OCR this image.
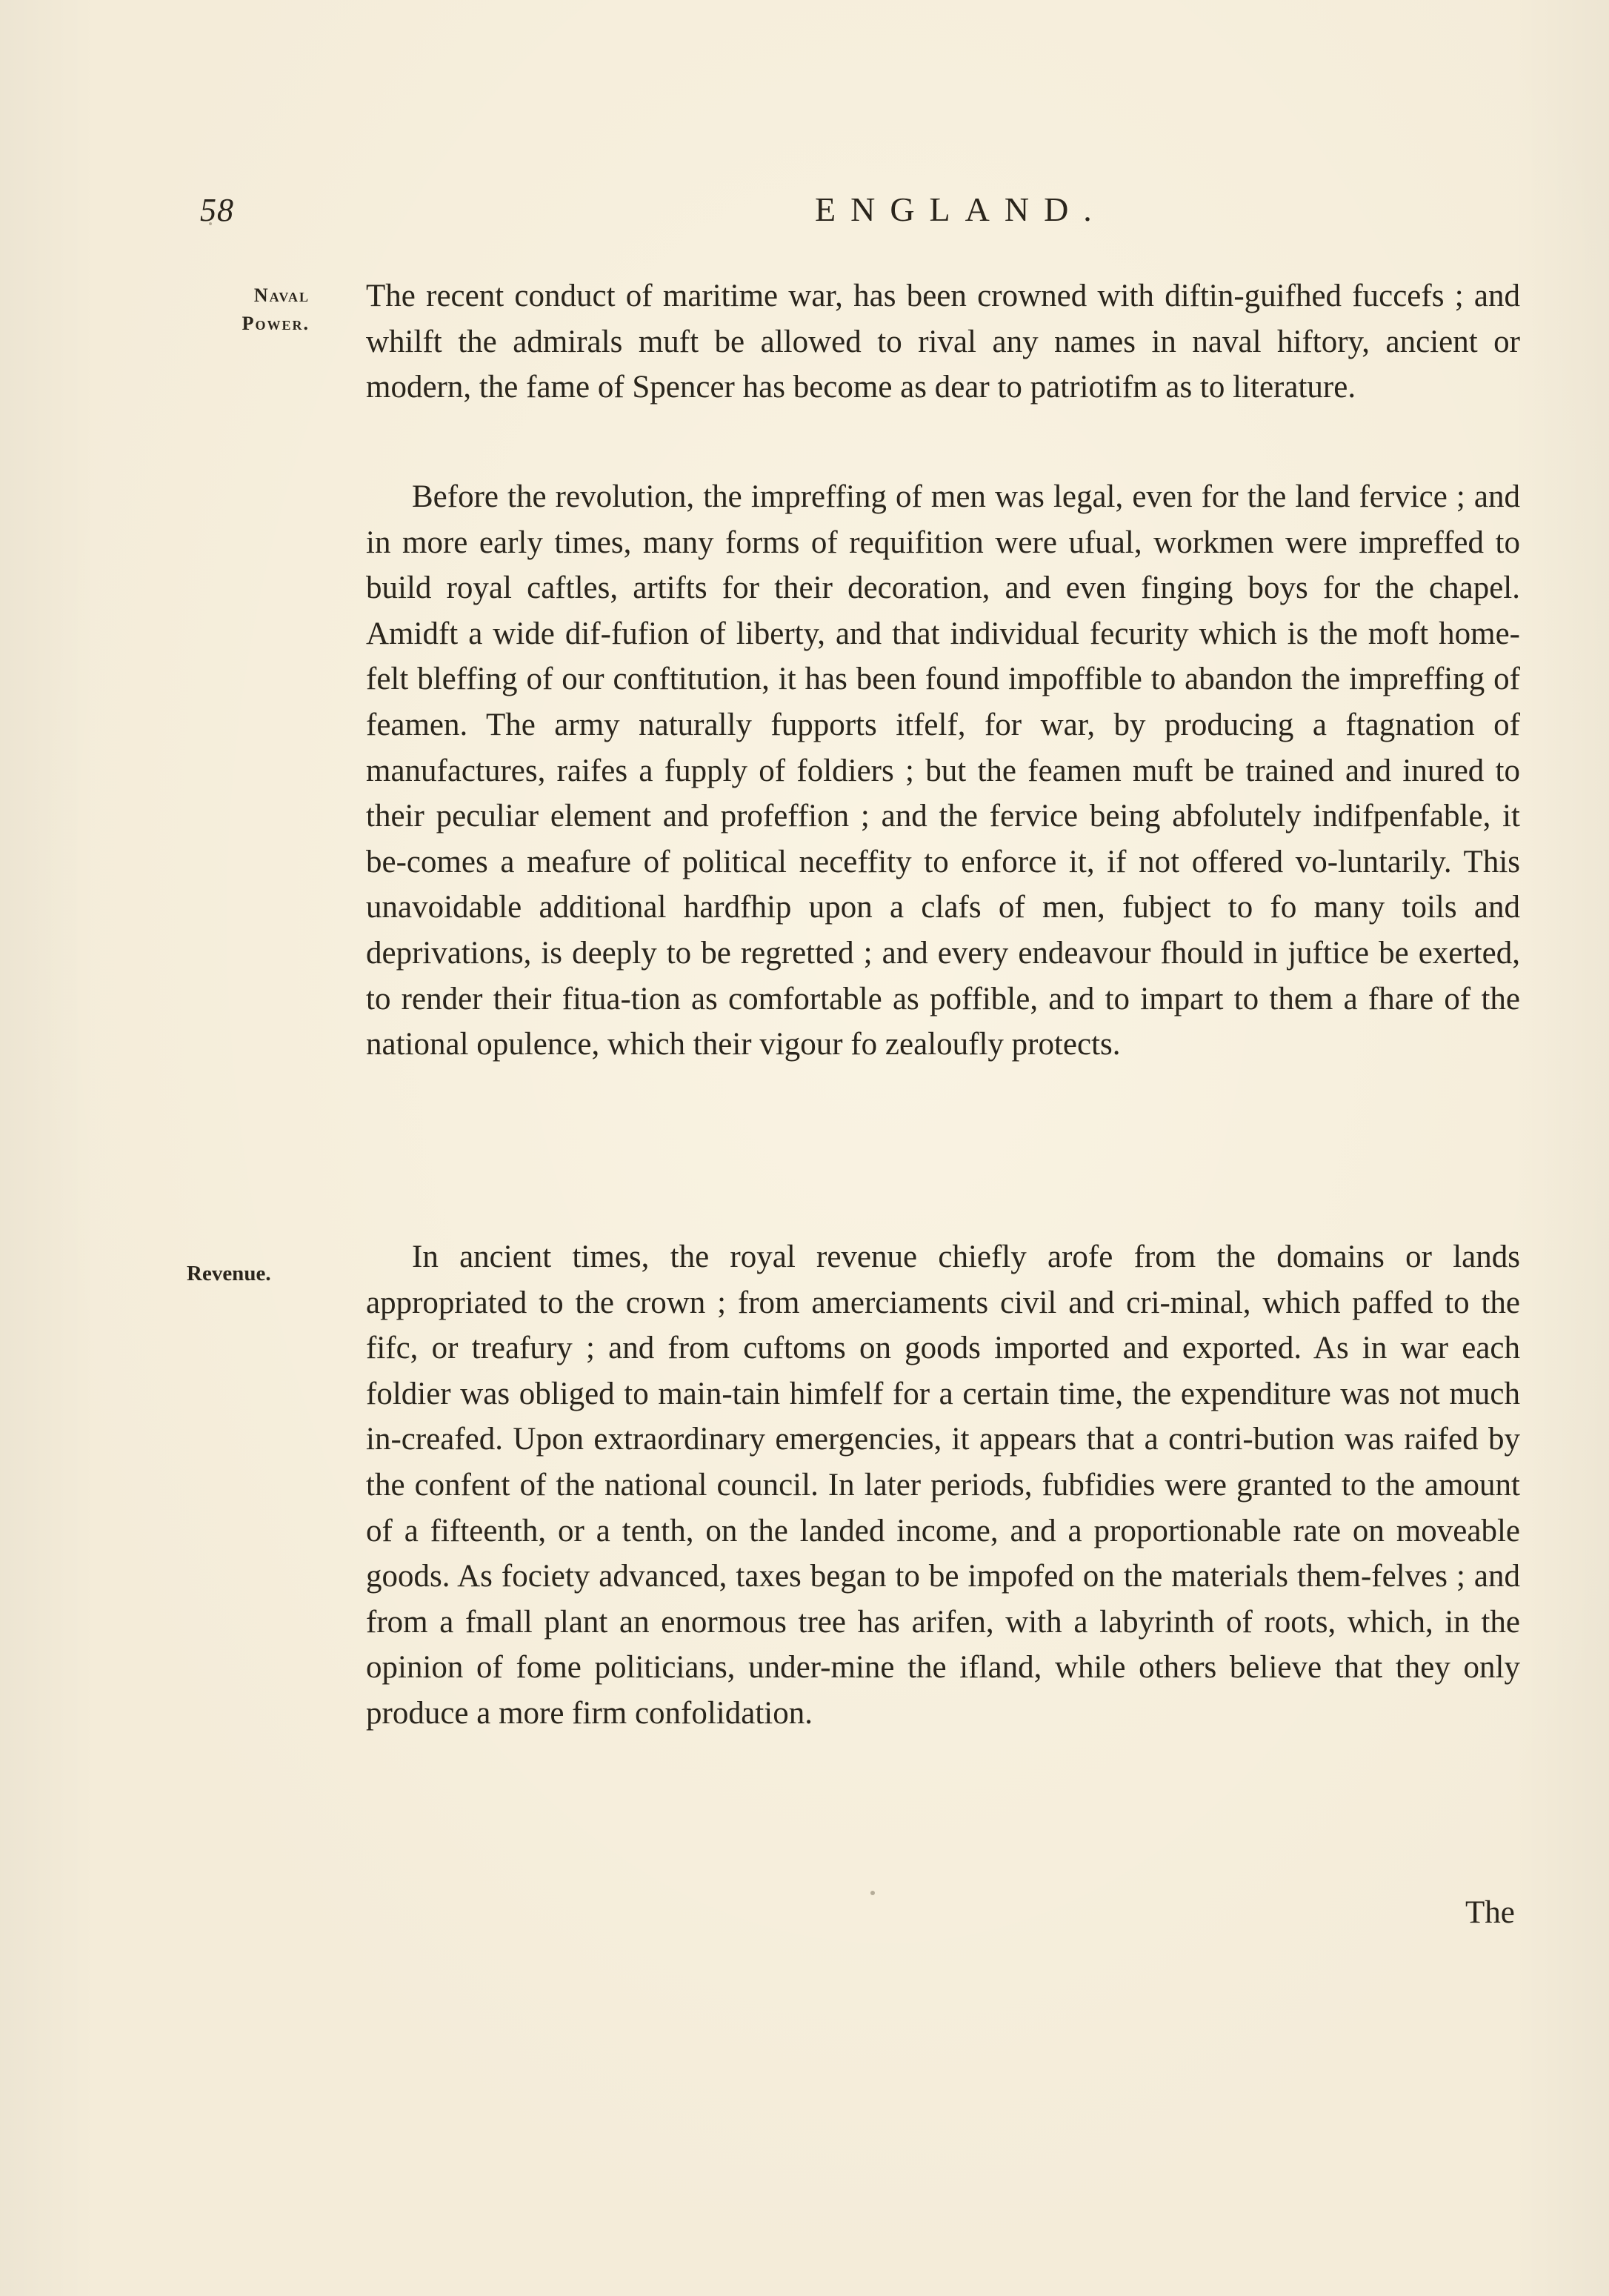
58	ENGLAND.
Naval Power.

The recent conduct of maritime war, has been crowned with diftin-guifhed fuccefs ; and whilft the admirals muft be allowed to rival any names in naval hiftory, ancient or modern, the fame of Spencer has become as dear to patriotifm as to literature.

Before the revolution, the impreffing of men was legal, even for the land fervice ; and in more early times, many forms of requifition were ufual, workmen were impreffed to build royal caftles, artifts for their decoration, and even finging boys for the chapel. Amidft a wide dif-fufion of liberty, and that individual fecurity which is the moft home-felt bleffing of our conftitution, it has been found impoffible to abandon the impreffing of feamen. The army naturally fupports itfelf, for war, by producing a ftagnation of manufactures, raifes a fupply of foldiers ; but the feamen muft be trained and inured to their peculiar element and profeffion ; and the fervice being abfolutely indifpenfable, it be-comes a meafure of political neceffity to enforce it, if not offered vo-luntarily. This unavoidable additional hardfhip upon a clafs of men, fubject to fo many toils and deprivations, is deeply to be regretted ; and every endeavour fhould in juftice be exerted, to render their fitua-tion as comfortable as poffible, and to impart to them a fhare of the national opulence, which their vigour fo zealoufly protects.

Revenue.	In ancient times, the royal revenue chiefly arofe from the domains or lands appropriated to the crown ; from amerciaments civil and cri-minal, which paffed to the fifc, or treafury ; and from cuftoms on goods imported and exported. As in war each foldier was obliged to main-tain himfelf for a certain time, the expenditure was not much in-creafed. Upon extraordinary emergencies, it appears that a contri-bution was raifed by the confent of the national council. In later periods, fubfidies were granted to the amount of a fifteenth, or a tenth, on the landed income, and a proportionable rate on moveable goods. As fociety advanced, taxes began to be impofed on the materials them-felves ; and from a fmall plant an enormous tree has arifen, with a labyrinth of roots, which, in the opinion of fome politicians, under-mine the ifland, while others believe that they only produce a more firm confolidation.

The
